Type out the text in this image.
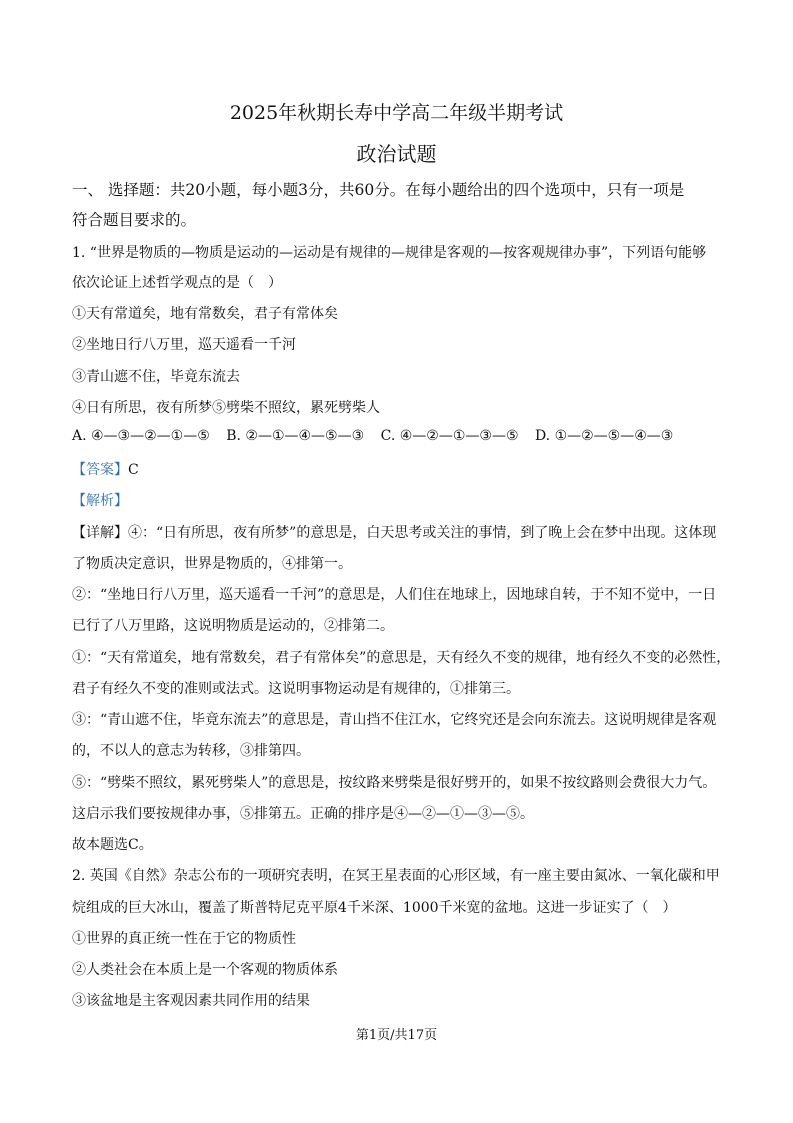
2025年秋期长寿中学高二年级半期考试
政治试题
一、 选择题：共20小题，每小题3分，共60分。在每小题给出的四个选项中，只有一项是
符合题目要求的。
1. “世界是物质的—物质是运动的—运动是有规律的—规律是客观的—按客观规律办事”，下列语句能够
依次论证上述哲学观点的是（　）
①天有常道矣，地有常数矣，君子有常体矣
②坐地日行八万里，巡天遥看一千河
③青山遮不住，毕竟东流去
④日有所思，夜有所梦⑤劈柴不照纹，累死劈柴人
A. ④—③—②—①—⑤ B. ②—①—④—⑤—③ C. ④—②—①—③—⑤ D. ①—②—⑤—④—③
【答案】C
【解析】
【详解】④：“日有所思，夜有所梦”的意思是，白天思考或关注的事情，到了晚上会在梦中出现。这体现
了物质决定意识，世界是物质的，④排第一。
②：“坐地日行八万里，巡天遥看一千河”的意思是，人们住在地球上，因地球自转，于不知不觉中，一日
已行了八万里路，这说明物质是运动的，②排第二。
①：“天有常道矣，地有常数矣，君子有常体矣”的意思是，天有经久不变的规律，地有经久不变的必然性，
君子有经久不变的准则或法式。这说明事物运动是有规律的，①排第三。
③：“青山遮不住，毕竟东流去”的意思是，青山挡不住江水，它终究还是会向东流去。这说明规律是客观
的，不以人的意志为转移，③排第四。
⑤：“劈柴不照纹，累死劈柴人”的意思是，按纹路来劈柴是很好劈开的，如果不按纹路则会费很大力气。
这启示我们要按规律办事，⑤排第五。正确的排序是④—②—①—③—⑤。
故本题选C。
2. 英国《自然》杂志公布的一项研究表明，在冥王星表面的心形区域，有一座主要由氮冰、一氧化碳和甲
烷组成的巨大冰山，覆盖了斯普特尼克平原4千米深、1000千米宽的盆地。这进一步证实了（　）
①世界的真正统一性在于它的物质性
②人类社会在本质上是一个客观的物质体系
③该盆地是主客观因素共同作用的结果
第1页/共17页
